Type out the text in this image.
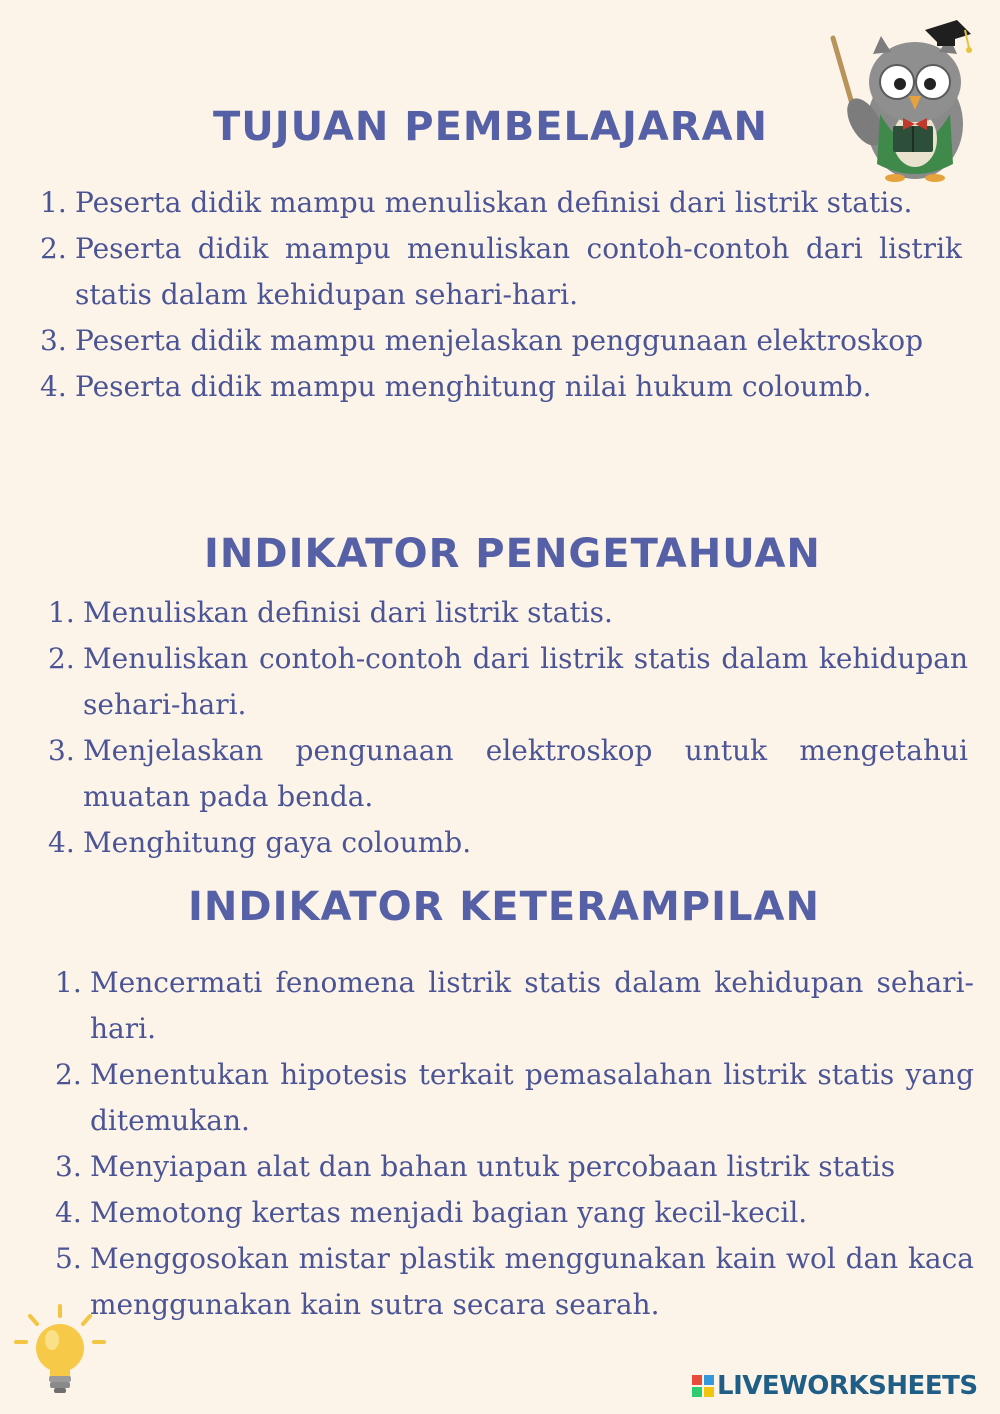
TUJUAN PEMBELAJARAN
1. Peserta didik mampu menuliskan definisi dari listrik statis.
2. Peserta didik mampu menuliskan contoh-contoh dari listrik statis dalam kehidupan sehari-hari.
3. Peserta didik mampu menjelaskan penggunaan elektroskop
4. Peserta didik mampu menghitung nilai hukum coloumb.
INDIKATOR PENGETAHUAN
1. Menuliskan definisi dari listrik statis.
2. Menuliskan contoh-contoh dari listrik statis dalam kehidupan sehari-hari.
3. Menjelaskan pengunaan elektroskop untuk mengetahui muatan pada benda.
4. Menghitung gaya coloumb.
INDIKATOR KETERAMPILAN
1. Mencermati fenomena listrik statis dalam kehidupan sehari-hari.
2. Menentukan hipotesis terkait pemasalahan listrik statis yang ditemukan.
3. Menyiapan alat dan bahan untuk percobaan listrik statis
4. Memotong kertas menjadi bagian yang kecil-kecil.
5. Menggosokan mistar plastik menggunakan kain wol dan kaca menggunakan kain sutra secara searah.
LIVEWORKSHEETS
